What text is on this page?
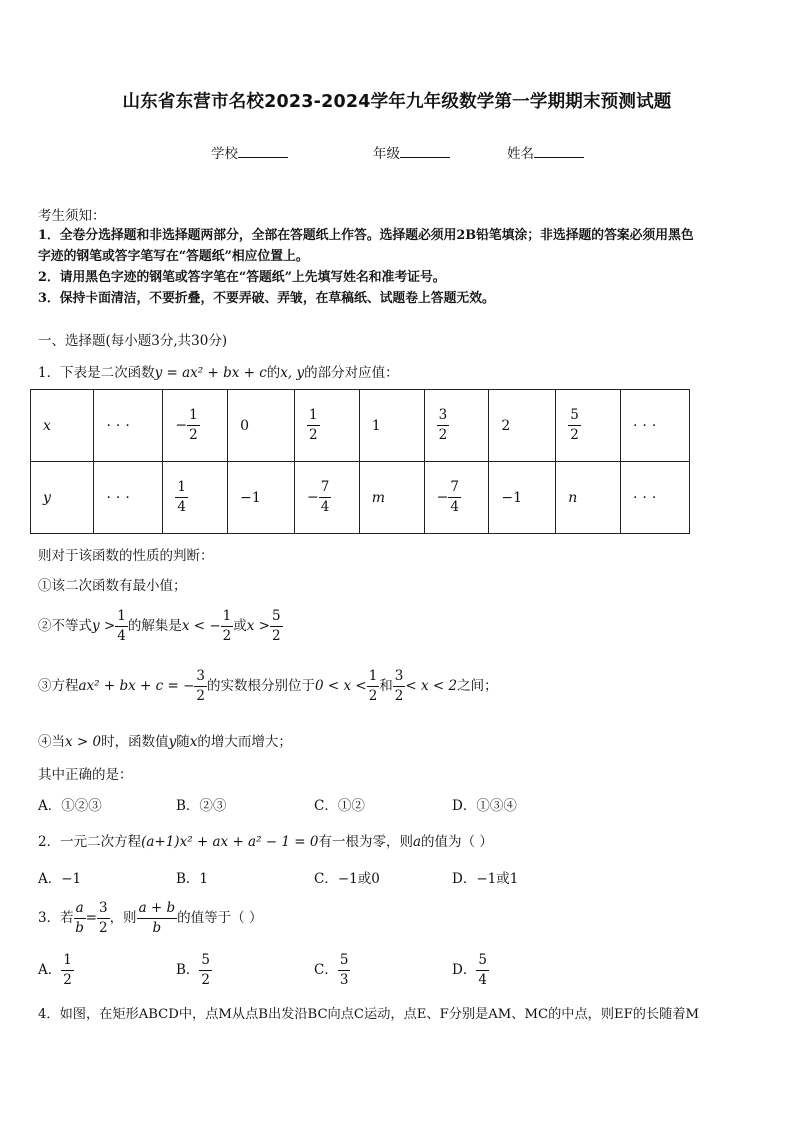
山东省东营市名校2023-2024学年九年级数学第一学期期末预测试题
学校	年级	姓名
考生须知：
1．全卷分选择题和非选择题两部分，全部在答题纸上作答。选择题必须用2B铅笔填涂；非选择题的答案必须用黑色
字迹的钢笔或答字笔写在“答题纸”相应位置上。
2．请用黑色字迹的钢笔或答字笔在“答题纸”上先填写姓名和准考证号。
3．保持卡面清洁，不要折叠，不要弄破、弄皱，在草稿纸、试题卷上答题无效。
一、选择题(每小题3分,共30分)
1．下表是二次函数y = ax² + bx + c的x, y的部分对应值：
x	···	− $\frac{1}{2}$	0	$\frac{1}{2}$	1	$\frac{3}{2}$	2	$\frac{5}{2}$	···
y	···	$\frac{1}{4}$	−1	− $\frac{7}{4}$	m	− $\frac{7}{4}$	−1	n	···
则对于该函数的性质的判断：
①该二次函数有最小值；
②不等式$y > \frac{1}{4}$ 的解集是x < − $\frac{1}{2}$ 或$x > \frac{5}{2}$
③方程ax² + bx + c = − $\frac{3}{2}$ 的实数根分别位于$0 < x < \frac{1}{2}$ 和 $\frac{3}{2} < x < 2$之间；
④当x > 0时，函数值y随x的增大而增大；
其中正确的是：
A．①②③	B．②③	C．①②	D．①③④
2．一元二次方程(a+1)x² + ax + a² − 1 = 0有一根为零，则a的值为（ ）
A．−1	B．1	C．−1或0	D．−1或1
3．若 $\frac{a}{b} = \frac{3}{2}$ ，则 $\frac{a + b}{b}$ 的值等于（ ）
A． $\frac{1}{2}$	B． $\frac{5}{2}$	C． $\frac{5}{3}$	D． $\frac{5}{4}$
4．如图，在矩形ABCD中，点M从点B出发沿BC向点C运动，点E、F分别是AM、MC的中点，则EF的长随着M
